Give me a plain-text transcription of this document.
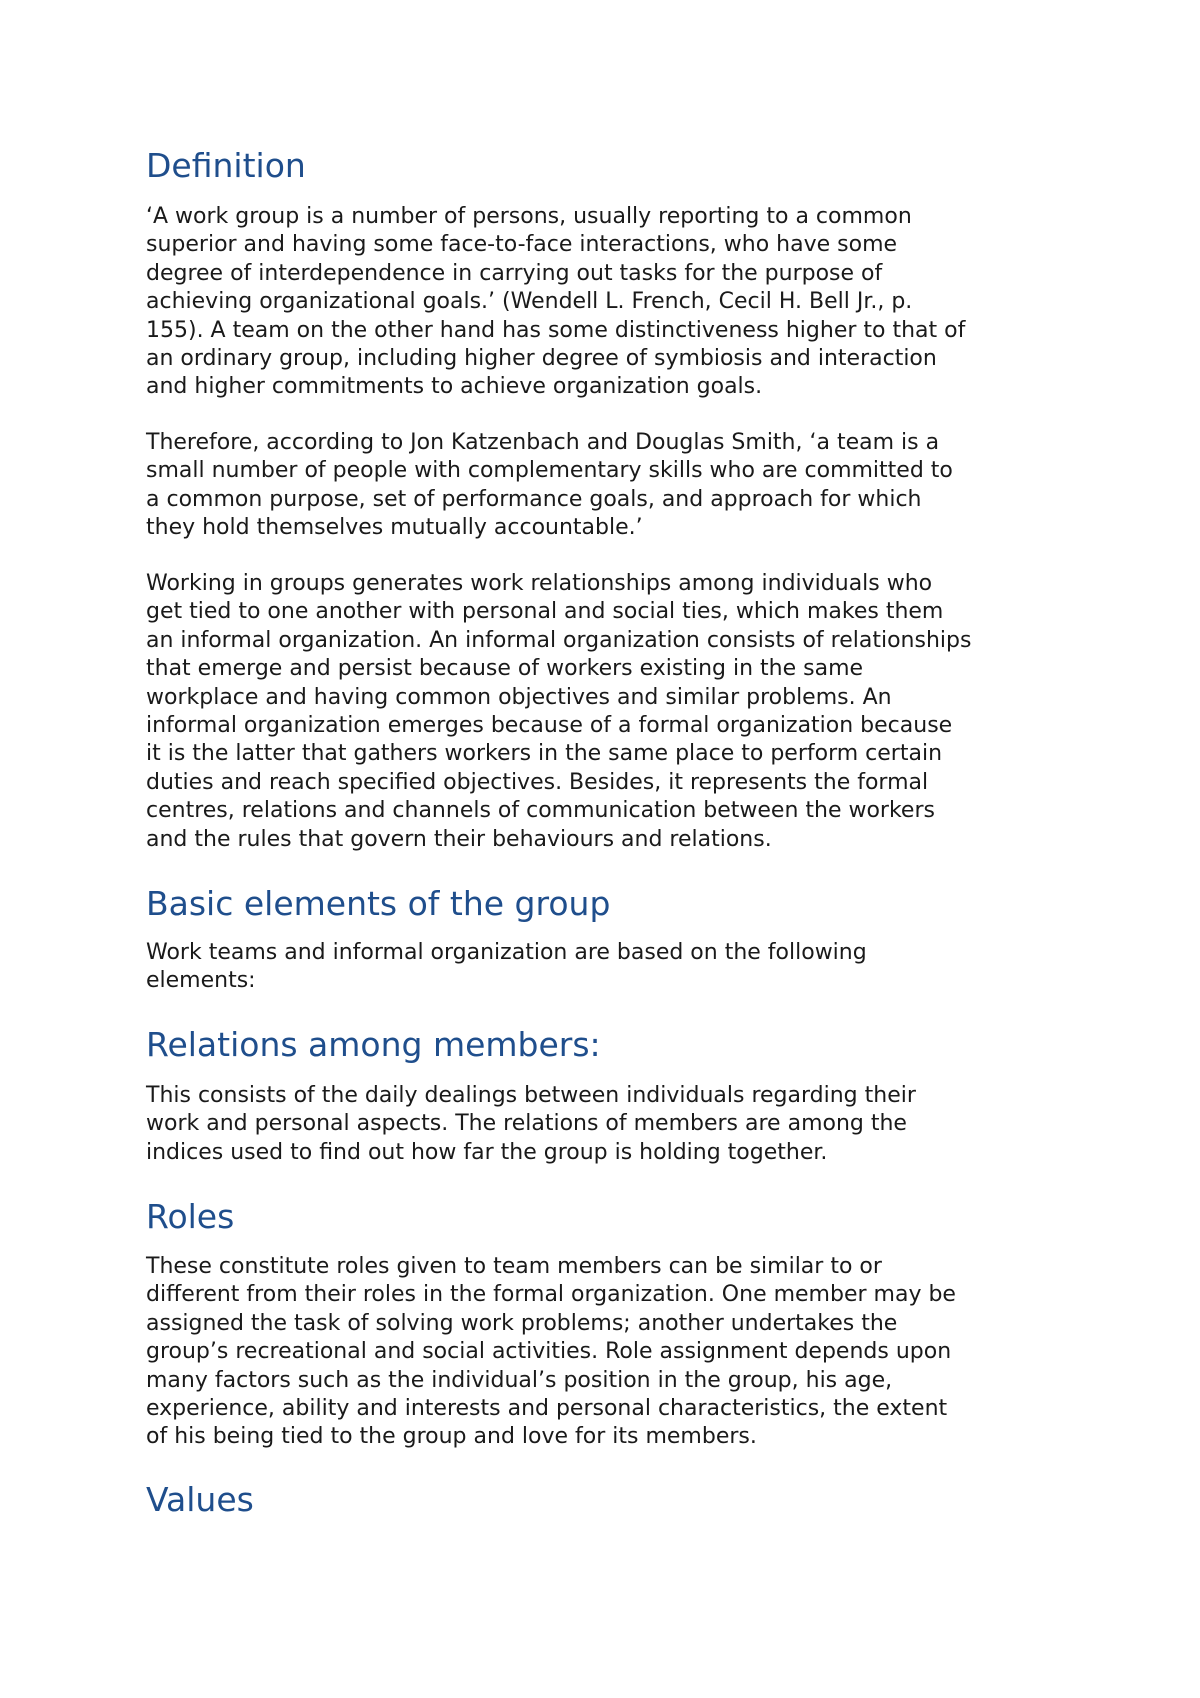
Definition

‘A work group is a number of persons, usually reporting to a common
superior and having some face-to-face interactions, who have some
degree of interdependence in carrying out tasks for the purpose of
achieving organizational goals.’ (Wendell L. French, Cecil H. Bell Jr., p.
155). A team on the other hand has some distinctiveness higher to that of
an ordinary group, including higher degree of symbiosis and interaction
and higher commitments to achieve organization goals.

Therefore, according to Jon Katzenbach and Douglas Smith, ‘a team is a
small number of people with complementary skills who are committed to
a common purpose, set of performance goals, and approach for which
they hold themselves mutually accountable.’

Working in groups generates work relationships among individuals who
get tied to one another with personal and social ties, which makes them
an informal organization. An informal organization consists of relationships
that emerge and persist because of workers existing in the same
workplace and having common objectives and similar problems. An
informal organization emerges because of a formal organization because
it is the latter that gathers workers in the same place to perform certain
duties and reach specified objectives. Besides, it represents the formal
centres, relations and channels of communication between the workers
and the rules that govern their behaviours and relations.

Basic elements of the group

Work teams and informal organization are based on the following
elements:

Relations among members:

This consists of the daily dealings between individuals regarding their
work and personal aspects. The relations of members are among the
indices used to find out how far the group is holding together.

Roles

These constitute roles given to team members can be similar to or
different from their roles in the formal organization. One member may be
assigned the task of solving work problems; another undertakes the
group’s recreational and social activities. Role assignment depends upon
many factors such as the individual’s position in the group, his age,
experience, ability and interests and personal characteristics, the extent
of his being tied to the group and love for its members.

Values
